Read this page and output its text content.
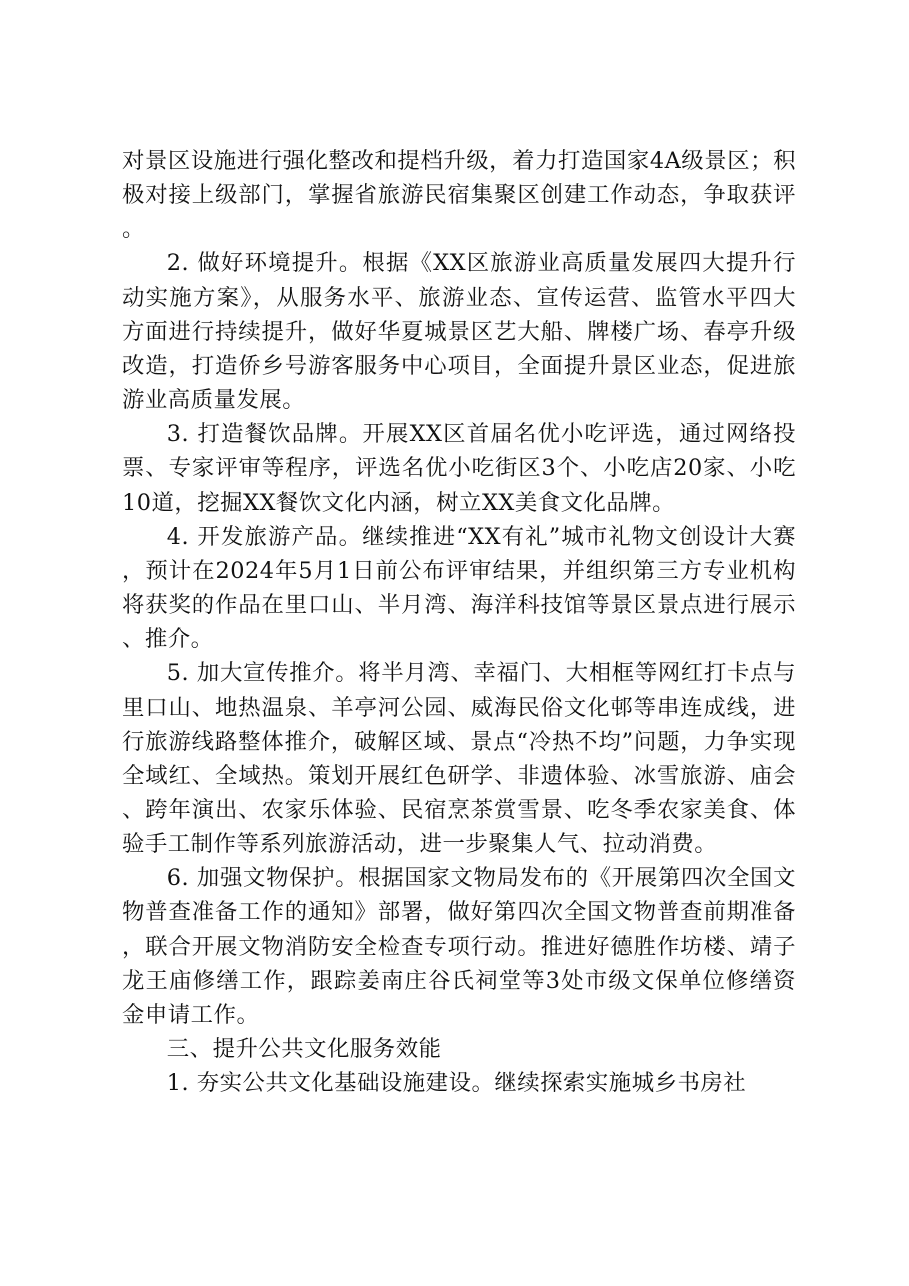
对景区设施进行强化整改和提档升级，着力打造国家4A级景区；积极对接上级部门，掌握省旅游民宿集聚区创建工作动态，争取获评。

2. 做好环境提升。根据《XX区旅游业高质量发展四大提升行动实施方案》，从服务水平、旅游业态、宣传运营、监管水平四大方面进行持续提升，做好华夏城景区艺大船、牌楼广场、春亭升级改造，打造侨乡号游客服务中心项目，全面提升景区业态，促进旅游业高质量发展。

3. 打造餐饮品牌。开展XX区首届名优小吃评选，通过网络投票、专家评审等程序，评选名优小吃街区3个、小吃店20家、小吃10道，挖掘XX餐饮文化内涵，树立XX美食文化品牌。

4. 开发旅游产品。继续推进“XX有礼”城市礼物文创设计大赛，预计在2024年5月1日前公布评审结果，并组织第三方专业机构将获奖的作品在里口山、半月湾、海洋科技馆等景区景点进行展示、推介。

5. 加大宣传推介。将半月湾、幸福门、大相框等网红打卡点与里口山、地热温泉、羊亭河公园、威海民俗文化邨等串连成线，进行旅游线路整体推介，破解区域、景点“冷热不均”问题，力争实现全域红、全域热。策划开展红色研学、非遗体验、冰雪旅游、庙会、跨年演出、农家乐体验、民宿烹茶赏雪景、吃冬季农家美食、体验手工制作等系列旅游活动，进一步聚集人气、拉动消费。

6. 加强文物保护。根据国家文物局发布的《开展第四次全国文物普查准备工作的通知》部署，做好第四次全国文物普查前期准备，联合开展文物消防安全检查专项行动。推进好德胜作坊楼、靖子龙王庙修缮工作，跟踪姜南庄谷氏祠堂等3处市级文保单位修缮资金申请工作。

三、提升公共文化服务效能

1. 夯实公共文化基础设施建设。继续探索实施城乡书房社
